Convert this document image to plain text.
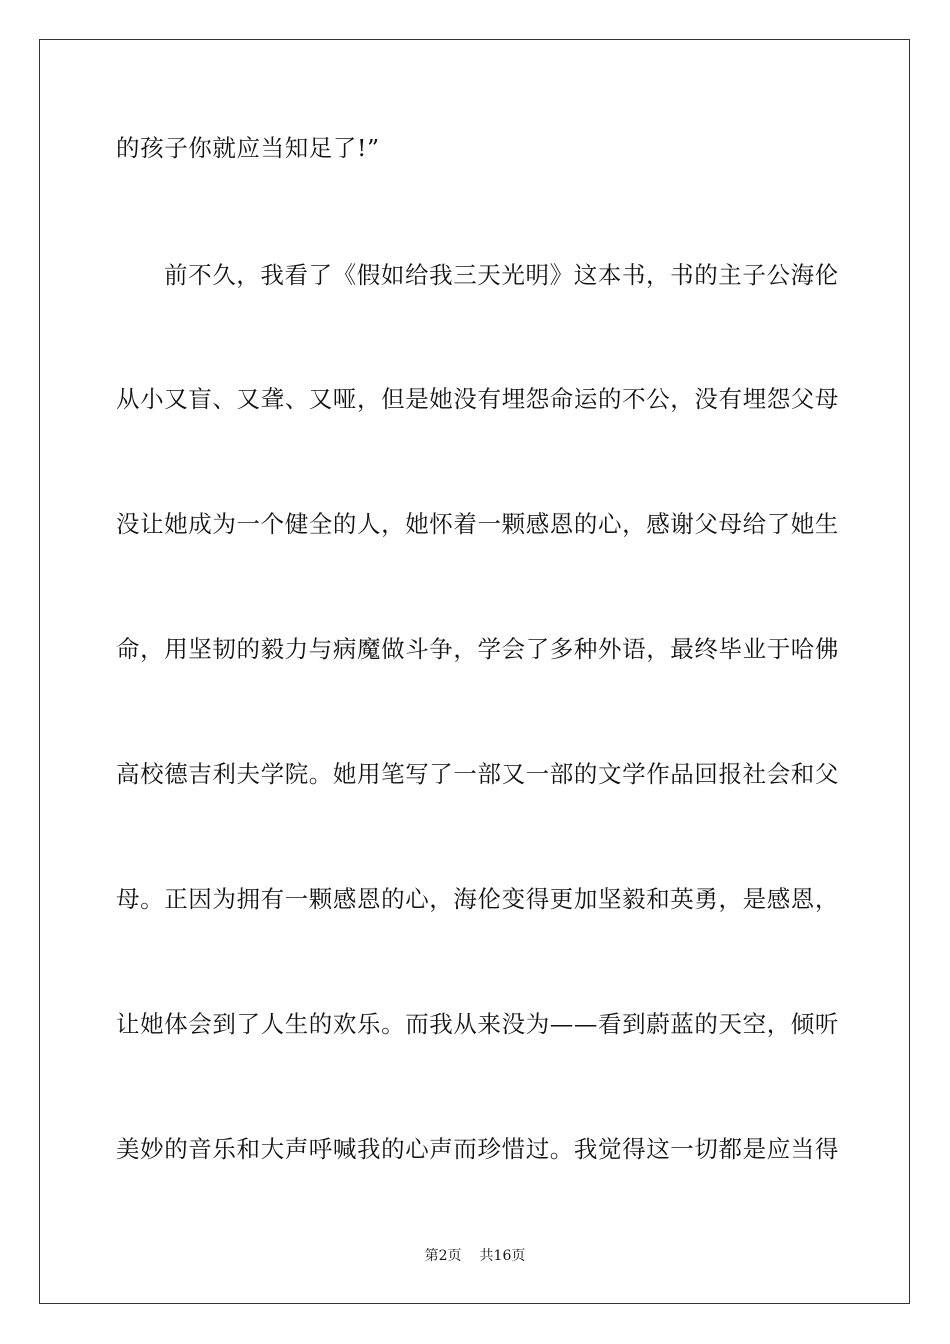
的孩子你就应当知足了!”
前不久，我看了《假如给我三天光明》这本书，书的主子公海伦
从小又盲、又聋、又哑，但是她没有埋怨命运的不公，没有埋怨父母
没让她成为一个健全的人，她怀着一颗感恩的心，感谢父母给了她生
命，用坚韧的毅力与病魔做斗争，学会了多种外语，最终毕业于哈佛
高校德吉利夫学院。她用笔写了一部又一部的文学作品回报社会和父
母。正因为拥有一颗感恩的心，海伦变得更加坚毅和英勇，是感恩，
让她体会到了人生的欢乐。而我从来没为——看到蔚蓝的天空，倾听
美妙的音乐和大声呼喊我的心声而珍惜过。我觉得这一切都是应当得
第2页 共16页
